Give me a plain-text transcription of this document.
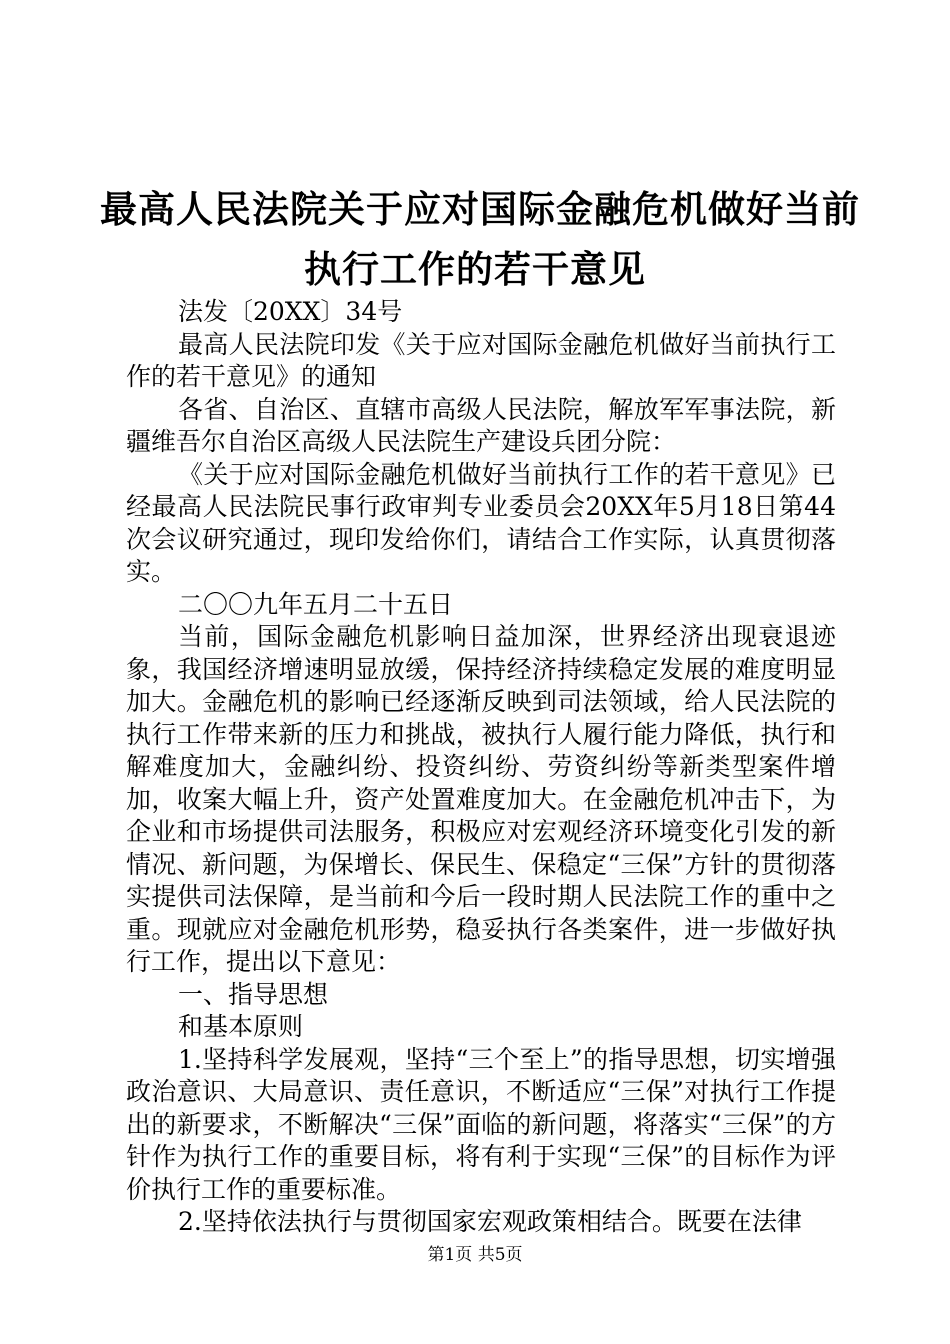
最高人民法院关于应对国际金融危机做好当前
执行工作的若干意见

法发〔20XX〕34号

最高人民法院印发《关于应对国际金融危机做好当前执行工作的若干意见》的通知

各省、自治区、直辖市高级人民法院，解放军军事法院，新疆维吾尔自治区高级人民法院生产建设兵团分院：

《关于应对国际金融危机做好当前执行工作的若干意见》已经最高人民法院民事行政审判专业委员会20XX年5月18日第44次会议研究通过，现印发给你们，请结合工作实际，认真贯彻落实。

二〇〇九年五月二十五日

当前，国际金融危机影响日益加深，世界经济出现衰退迹象，我国经济增速明显放缓，保持经济持续稳定发展的难度明显加大。金融危机的影响已经逐渐反映到司法领域，给人民法院的执行工作带来新的压力和挑战，被执行人履行能力降低，执行和解难度加大，金融纠纷、投资纠纷、劳资纠纷等新类型案件增加，收案大幅上升，资产处置难度加大。在金融危机冲击下，为企业和市场提供司法服务，积极应对宏观经济环境变化引发的新情况、新问题，为保增长、保民生、保稳定“三保”方针的贯彻落实提供司法保障，是当前和今后一段时期人民法院工作的重中之重。现就应对金融危机形势，稳妥执行各类案件，进一步做好执行工作，提出以下意见：

一、指导思想

和基本原则

1.坚持科学发展观，坚持“三个至上”的指导思想，切实增强政治意识、大局意识、责任意识，不断适应“三保”对执行工作提出的新要求，不断解决“三保”面临的新问题，将落实“三保”的方针作为执行工作的重要目标，将有利于实现“三保”的目标作为评价执行工作的重要标准。

2.坚持依法执行与贯彻国家宏观政策相结合。既要在法律

第1页 共5页
